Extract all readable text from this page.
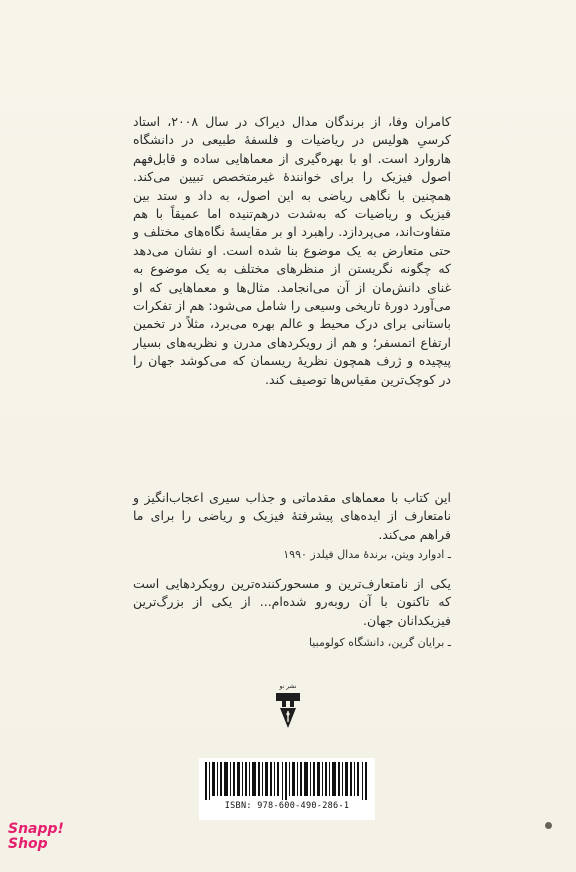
کامران وفا، از برندگان مدال دیراک در سال ۲۰۰۸، استاد کرسیِ هولیس در ریاضیات و فلسفهٔ طبیعی در دانشگاه هاروارد است. او با بهره‌گیری از معماهایی ساده و قابل‌فهم اصول فیزیک را برای خوانندهٔ غیرمتخصص تبیین می‌کند. همچنین با نگاهی ریاضی به این اصول، به داد و ستد بین فیزیک و ریاضیات که به‌شدت درهم‌تنیده اما عمیقاً با هم متفاوت‌اند، می‌پردازد. راهبرد او بر مقایسهٔ نگاه‌های مختلف و حتی متعارض به یک موضوع بنا شده است. او نشان می‌دهد که چگونه نگریستن از منظرهای مختلف به یک موضوع به غنای دانش‌مان از آن می‌انجامد. مثال‌ها و معماهایی که او می‌آورد دورهٔ تاریخی وسیعی را شامل می‌شود: هم از تفکرات باستانی برای درک محیط و عالم بهره می‌برد، مثلاً در تخمین ارتفاع اتمسفر؛ و هم از رویکردهای مدرن و نظریه‌های بسیار پیچیده و ژرف همچون نظریهٔ ریسمان که می‌کوشد جهان را در کوچک‌ترین مقیاس‌ها توصیف کند.
این کتاب با معماهای مقدماتی و جذاب سیری اعجاب‌انگیز و نامتعارف از ایده‌های پیشرفتهٔ فیزیک و ریاضی را برای ما فراهم می‌کند.
ـ ادوارد ویتن، برندهٔ مدال فیلدز ۱۹۹۰
یکی از نامتعارف‌ترین و مسحورکننده‌ترین رویکردهایی است که تاکنون با آن روبه‌رو شده‌ام... از یکی از بزرگ‌ترین فیزیکدانان جهان.
ـ برایان گرین، دانشگاه کولومبیا
نشر نو
ISBN: 978-600-490-286-1
Snapp!
Shop
